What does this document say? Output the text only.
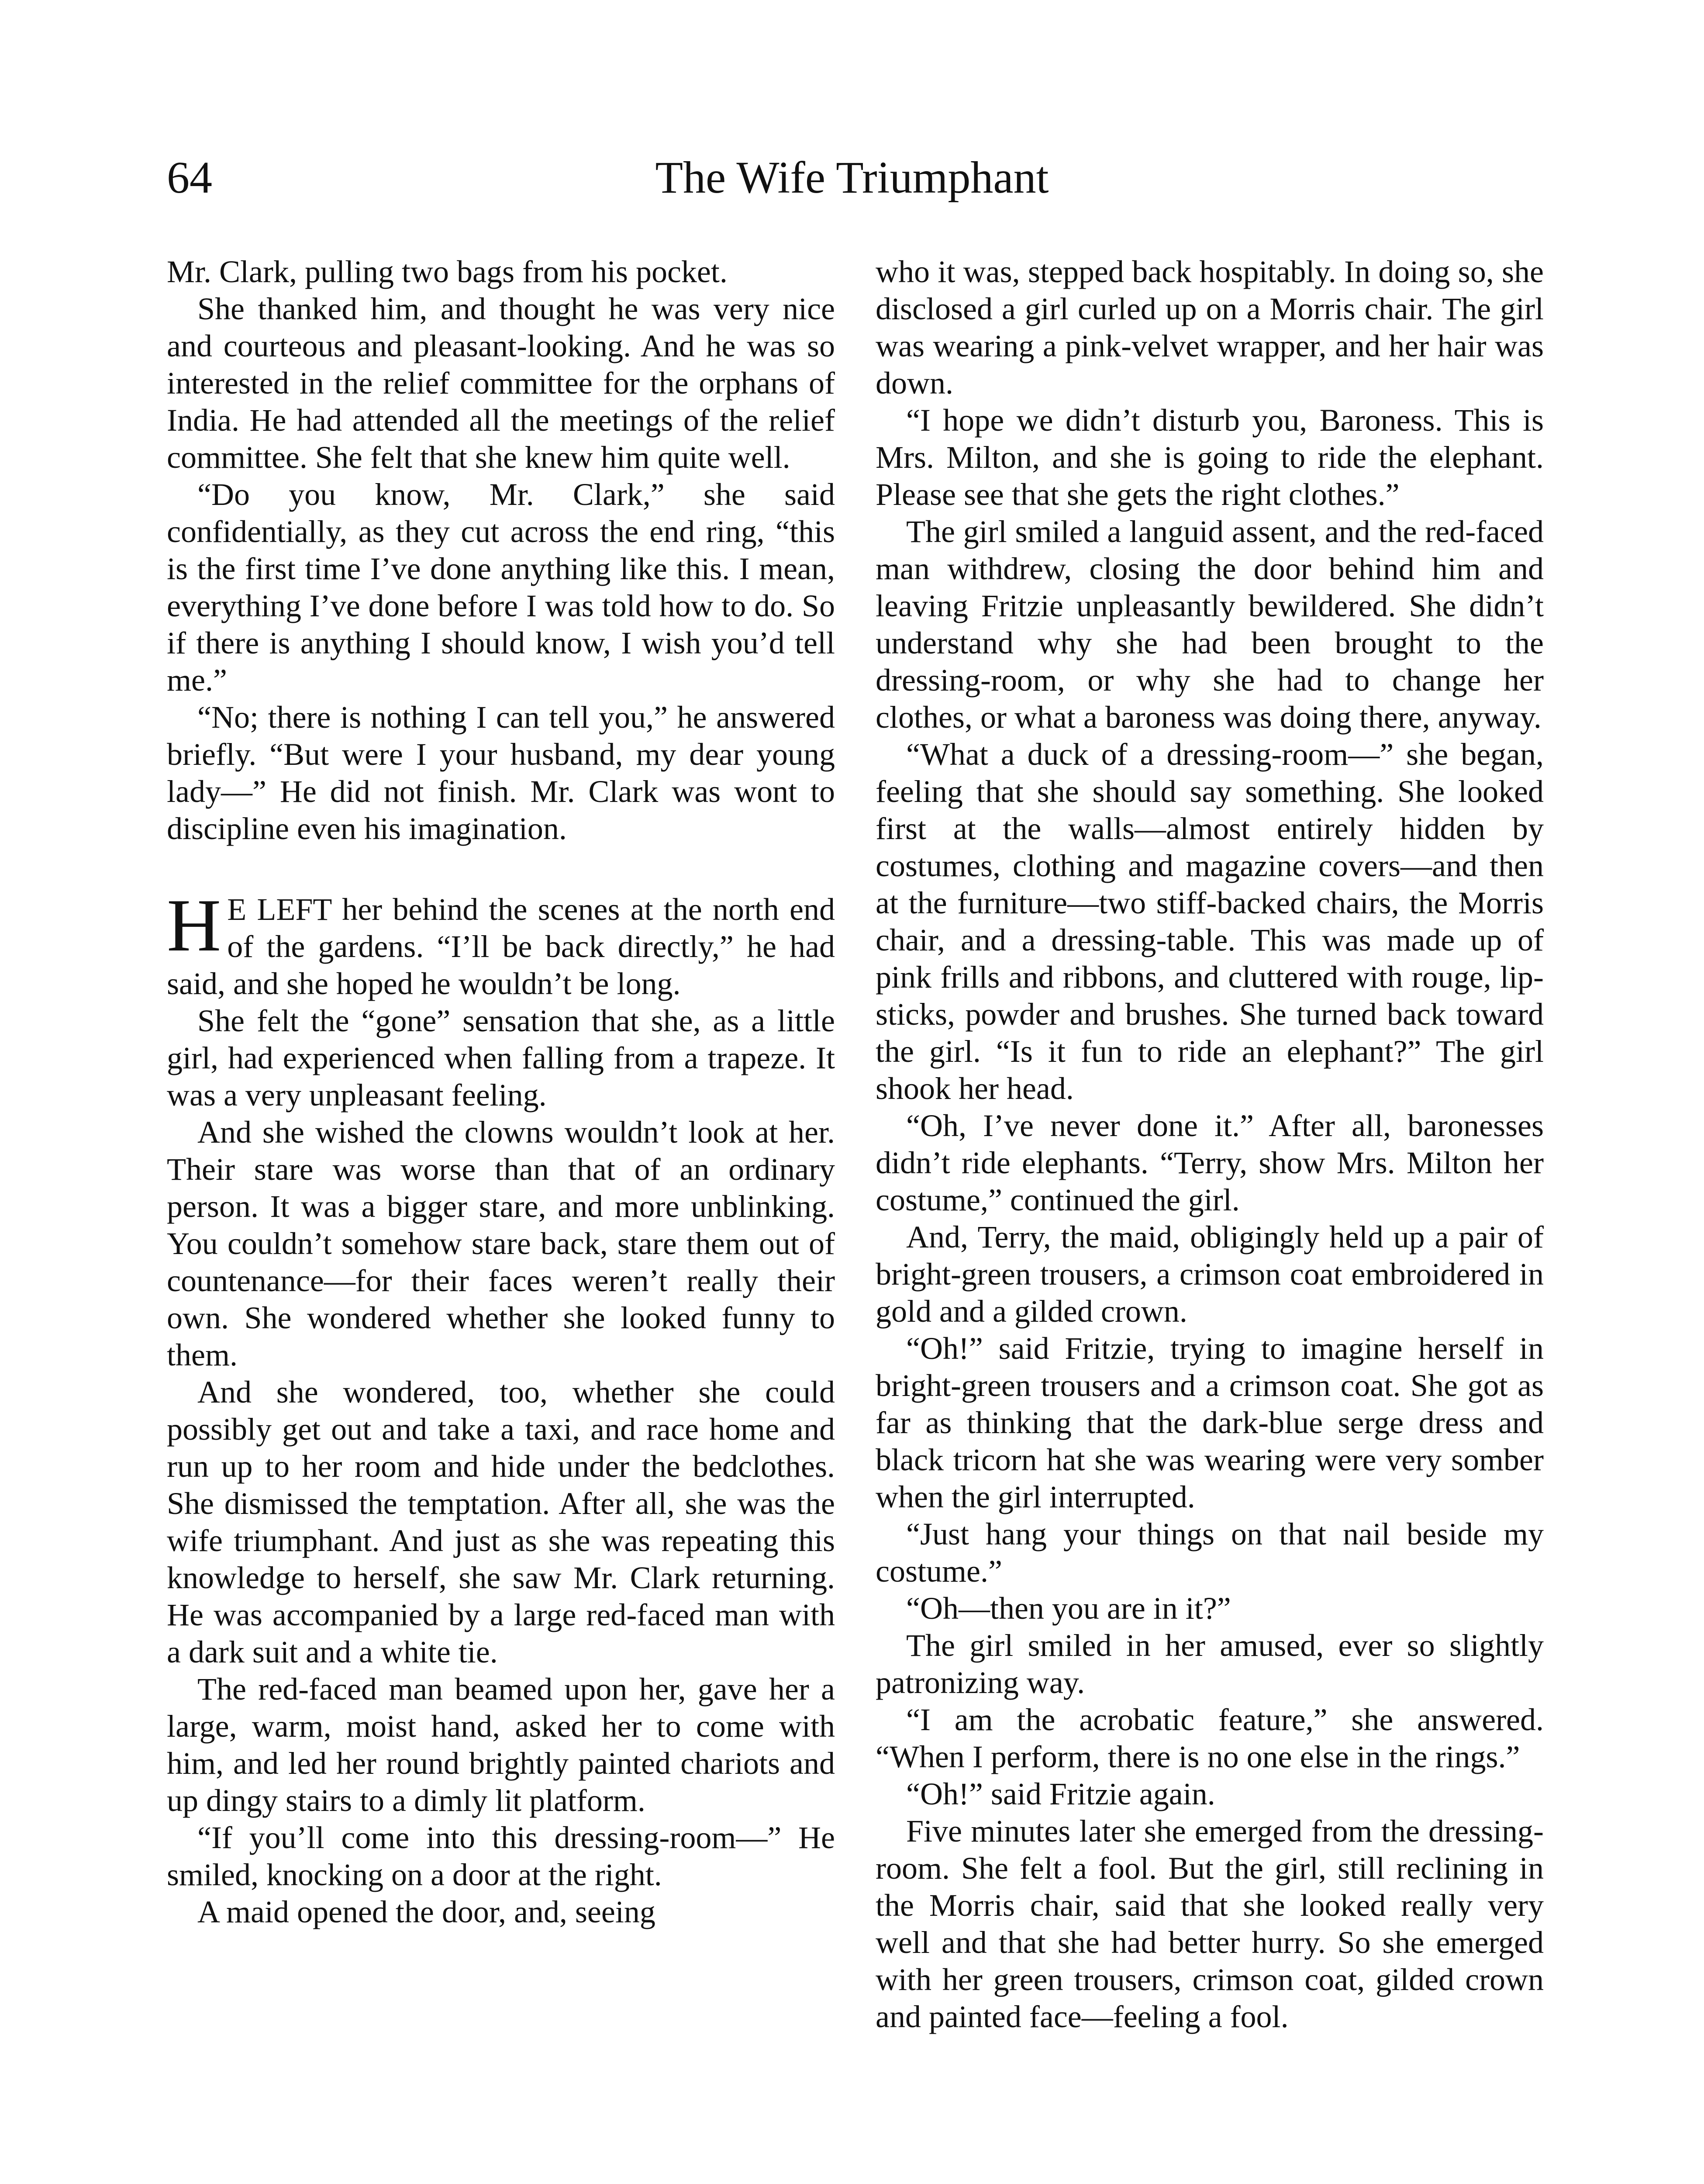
64	The Wife Triumphant

Mr. Clark, pulling two bags from his pocket.

She thanked him, and thought he was very nice and courteous and pleasant-looking. And he was so interested in the relief committee for the orphans of India. He had attended all the meetings of the relief committee. She felt that she knew him quite well.

“Do you know, Mr. Clark,” she said confidentially, as they cut across the end ring, “this is the first time I’ve done anything like this. I mean, everything I’ve done before I was told how to do. So if there is anything I should know, I wish you’d tell me.”

“No; there is nothing I can tell you,” he answered briefly. “But were I your husband, my dear young lady—” He did not finish. Mr. Clark was wont to discipline even his imagination.

H E LEFT her behind the scenes at the north end of the gardens. “I’ll be back directly,” he had said, and she hoped he wouldn’t be long.

She felt the “gone” sensation that she, as a little girl, had experienced when falling from a trapeze. It was a very unpleasant feeling.

And she wished the clowns wouldn’t look at her. Their stare was worse than that of an ordinary person. It was a bigger stare, and more unblinking. You couldn’t somehow stare back, stare them out of countenance—for their faces weren’t really their own. She wondered whether she looked funny to them.

And she wondered, too, whether she could possibly get out and take a taxi, and race home and run up to her room and hide under the bedclothes. She dismissed the temptation. After all, she was the wife triumphant. And just as she was repeating this knowledge to herself, she saw Mr. Clark returning. He was accompanied by a large red-faced man with a dark suit and a white tie.

The red-faced man beamed upon her, gave her a large, warm, moist hand, asked her to come with him, and led her round brightly painted chariots and up dingy stairs to a dimly lit platform.

“If you’ll come into this dressing-room—” He smiled, knocking on a door at the right.

A maid opened the door, and, seeing

who it was, stepped back hospitably. In doing so, she disclosed a girl curled up on a Morris chair. The girl was wearing a pink-velvet wrapper, and her hair was down.

“I hope we didn’t disturb you, Baroness. This is Mrs. Milton, and she is going to ride the elephant. Please see that she gets the right clothes.”

The girl smiled a languid assent, and the red-faced man withdrew, closing the door behind him and leaving Fritzie unpleasantly bewildered. She didn’t understand why she had been brought to the dressing-room, or why she had to change her clothes, or what a baroness was doing there, anyway.

“What a duck of a dressing-room—” she began, feeling that she should say something. She looked first at the walls—almost entirely hidden by costumes, clothing and magazine covers—and then at the furniture—two stiff-backed chairs, the Morris chair, and a dressing-table. This was made up of pink frills and ribbons, and cluttered with rouge, lip-sticks, powder and brushes. She turned back toward the girl. “Is it fun to ride an elephant?” The girl shook her head.

“Oh, I’ve never done it.” After all, baronesses didn’t ride elephants. “Terry, show Mrs. Milton her costume,” continued the girl.

And, Terry, the maid, obligingly held up a pair of bright-green trousers, a crimson coat embroidered in gold and a gilded crown.

“Oh!” said Fritzie, trying to imagine herself in bright-green trousers and a crimson coat. She got as far as thinking that the dark-blue serge dress and black tricorn hat she was wearing were very somber when the girl interrupted.

“Just hang your things on that nail beside my costume.”

“Oh—then you are in it?”

The girl smiled in her amused, ever so slightly patronizing way.

“I am the acrobatic feature,” she answered. “When I perform, there is no one else in the rings.”

“Oh!” said Fritzie again.

Five minutes later she emerged from the dressing-room. She felt a fool. But the girl, still reclining in the Morris chair, said that she looked really very well and that she had better hurry. So she emerged with her green trousers, crimson coat, gilded crown and painted face—feeling a fool.
